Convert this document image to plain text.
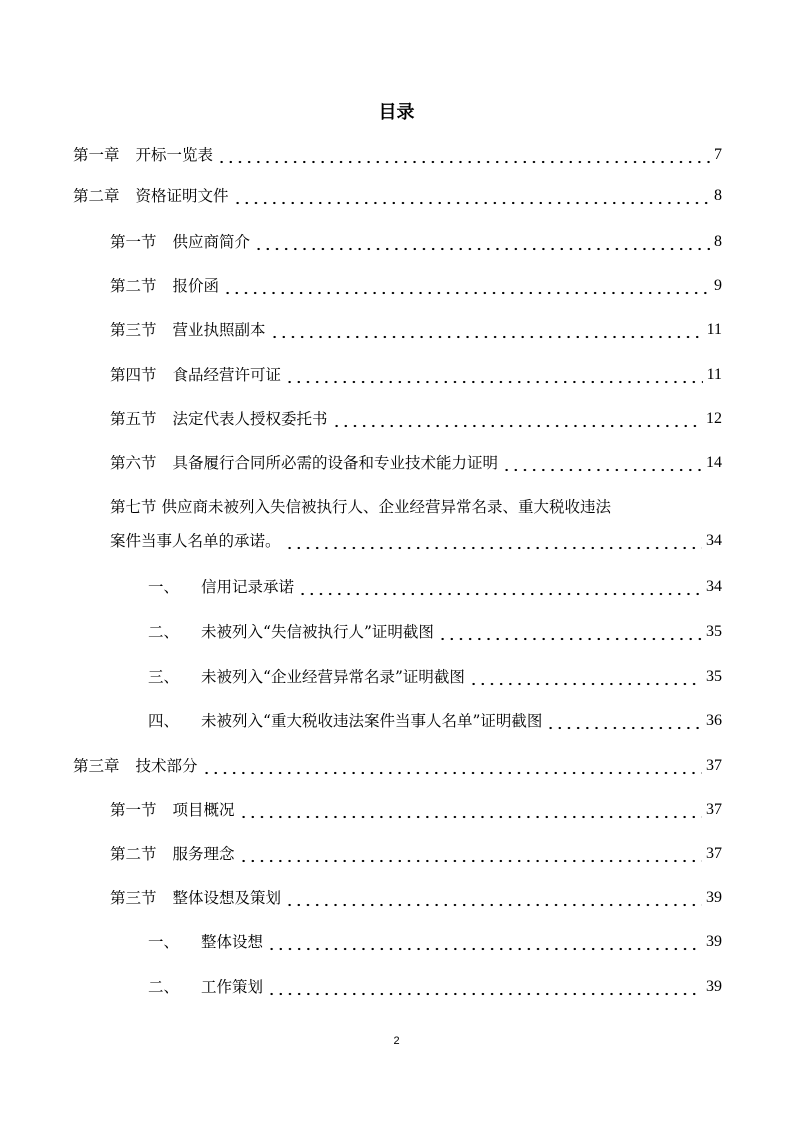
目录
第一章 开标一览表	7
第二章 资格证明文件	8
第一节 供应商简介	8
第二节 报价函	9
第三节 营业执照副本	11
第四节 食品经营许可证	11
第五节 法定代表人授权委托书	12
第六节 具备履行合同所必需的设备和专业技术能力证明	14
第七节 供应商未被列入失信被执行人、企业经营异常名录、重大税收违法
案件当事人名单的承诺。	34
一、 信用记录承诺	34
二、 未被列入“失信被执行人”证明截图	35
三、 未被列入“企业经营异常名录”证明截图	35
四、 未被列入“重大税收违法案件当事人名单”证明截图	36
第三章 技术部分	37
第一节 项目概况	37
第二节 服务理念	37
第三节 整体设想及策划	39
一、 整体设想	39
二、 工作策划	39
2
